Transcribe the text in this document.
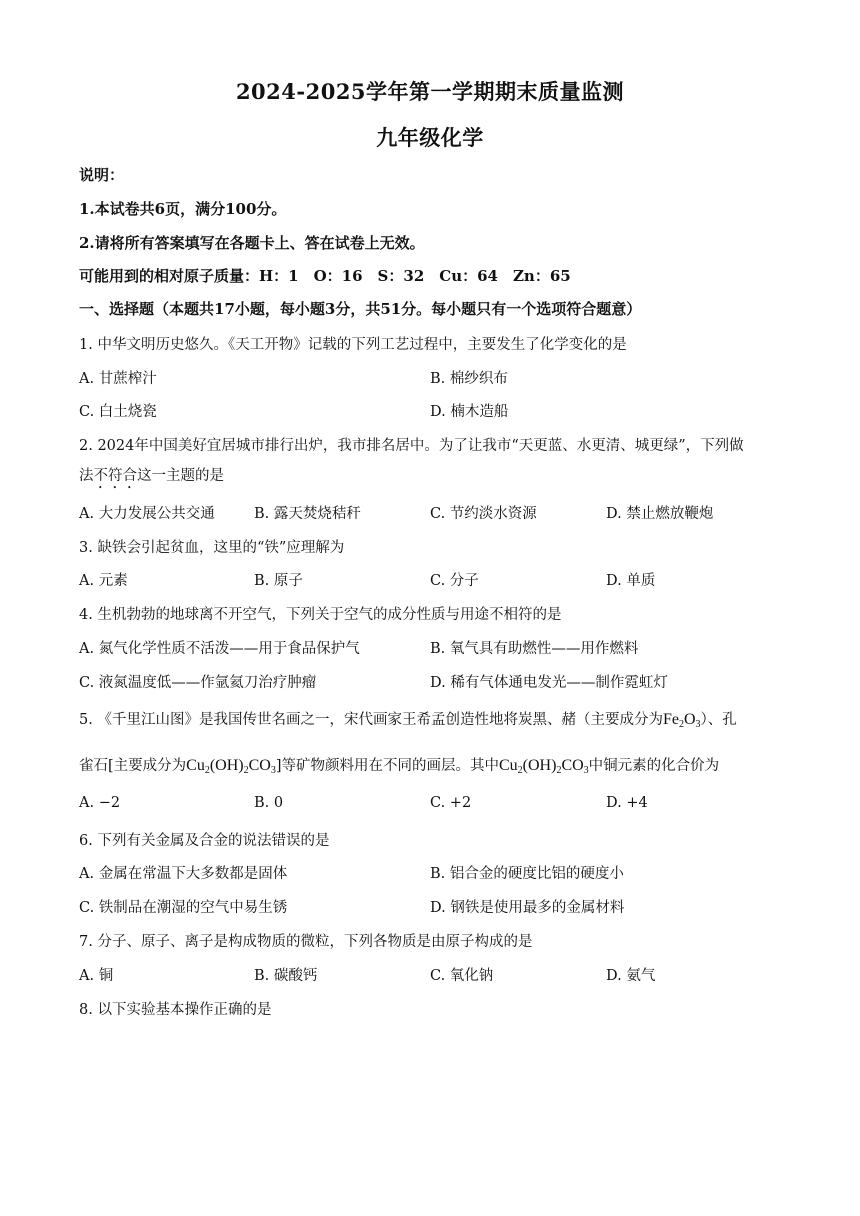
2024-2025学年第一学期期末质量监测
九年级化学
说明：
1.本试卷共6页，满分100分。
2.请将所有答案填写在各题卡上、答在试卷上无效。
可能用到的相对原子质量：H：1　O：16　S：32　Cu：64　Zn：65
一、选择题（本题共17小题，每小题3分，共51分。每小题只有一个选项符合题意）
1. 中华文明历史悠久。《天工开物》记载的下列工艺过程中，主要发生了化学变化的是
A. 甘蔗榨汁	B. 棉纱织布
C. 白土烧瓷	D. 楠木造船
2. 2024年中国美好宜居城市排行出炉，我市排名居中。为了让我市“天更蓝、水更清、城更绿”，下列做
法不符合这一主题的是
A. 大力发展公共交通	B. 露天焚烧秸秆	C. 节约淡水资源	D. 禁止燃放鞭炮
3. 缺铁会引起贫血，这里的“铁”应理解为
A. 元素	B. 原子	C. 分子	D. 单质
4. 生机勃勃的地球离不开空气，下列关于空气的成分性质与用途不相符的是
A. 氮气化学性质不活泼——用于食品保护气	B. 氧气具有助燃性——用作燃料
C. 液氮温度低——作氩氦刀治疗肿瘤	D. 稀有气体通电发光——制作霓虹灯
5. 《千里江山图》是我国传世名画之一，宋代画家王希孟创造性地将炭黑、赭（主要成分为$Fe_2O_3$）、孔
雀石[主要成分为$Cu_2(OH)_2CO_3$]等矿物颜料用在不同的画层。其中$Cu_2(OH)_2CO_3$中铜元素的化合价为
A. −2	B. 0	C. +2	D. +4
6. 下列有关金属及合金的说法错误的是
A. 金属在常温下大多数都是固体	B. 铝合金的硬度比铝的硬度小
C. 铁制品在潮湿的空气中易生锈	D. 钢铁是使用最多的金属材料
7. 分子、原子、离子是构成物质的微粒，下列各物质是由原子构成的是
A. 铜	B. 碳酸钙	C. 氧化钠	D. 氨气
8. 以下实验基本操作正确的是
